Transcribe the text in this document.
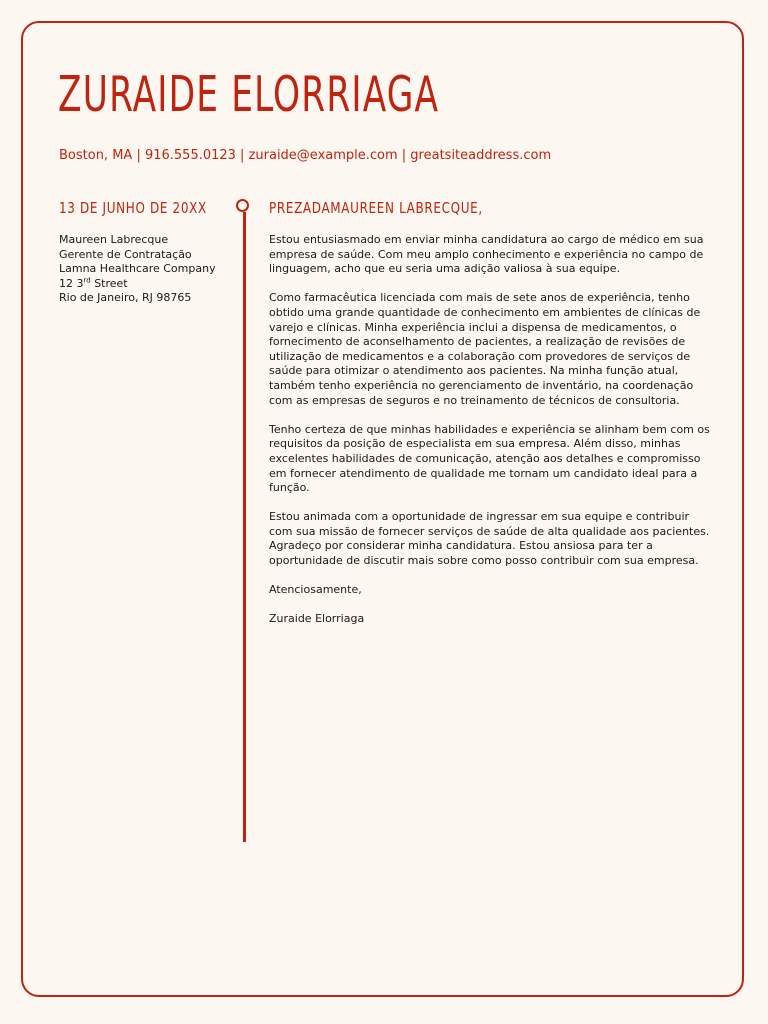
ZURAIDE ELORRIAGA
Boston, MA | 916.555.0123 | zuraide@example.com | greatsiteaddress.com
13 DE JUNHO DE 20XX
Maureen Labrecque
Gerente de Contratação
Lamna Healthcare Company
12 3rd Street
Rio de Janeiro, RJ 98765
PREZADAMAUREEN LABRECQUE,

Estou entusiasmado em enviar minha candidatura ao cargo de médico em sua empresa de saúde. Com meu amplo conhecimento e experiência no campo de linguagem, acho que eu seria uma adição valiosa à sua equipe.

Como farmacêutica licenciada com mais de sete anos de experiência, tenho obtido uma grande quantidade de conhecimento em ambientes de clínicas de varejo e clínicas. Minha experiência inclui a dispensa de medicamentos, o fornecimento de aconselhamento de pacientes, a realização de revisões de utilização de medicamentos e a colaboração com provedores de serviços de saúde para otimizar o atendimento aos pacientes. Na minha função atual, também tenho experiência no gerenciamento de inventário, na coordenação com as empresas de seguros e no treinamento de técnicos de consultoria.

Tenho certeza de que minhas habilidades e experiência se alinham bem com os requisitos da posição de especialista em sua empresa. Além disso, minhas excelentes habilidades de comunicação, atenção aos detalhes e compromisso em fornecer atendimento de qualidade me tornam um candidato ideal para a função.

Estou animada com a oportunidade de ingressar em sua equipe e contribuir com sua missão de fornecer serviços de saúde de alta qualidade aos pacientes. Agradeço por considerar minha candidatura. Estou ansiosa para ter a oportunidade de discutir mais sobre como posso contribuir com sua empresa.

Atenciosamente,

Zuraide Elorriaga
